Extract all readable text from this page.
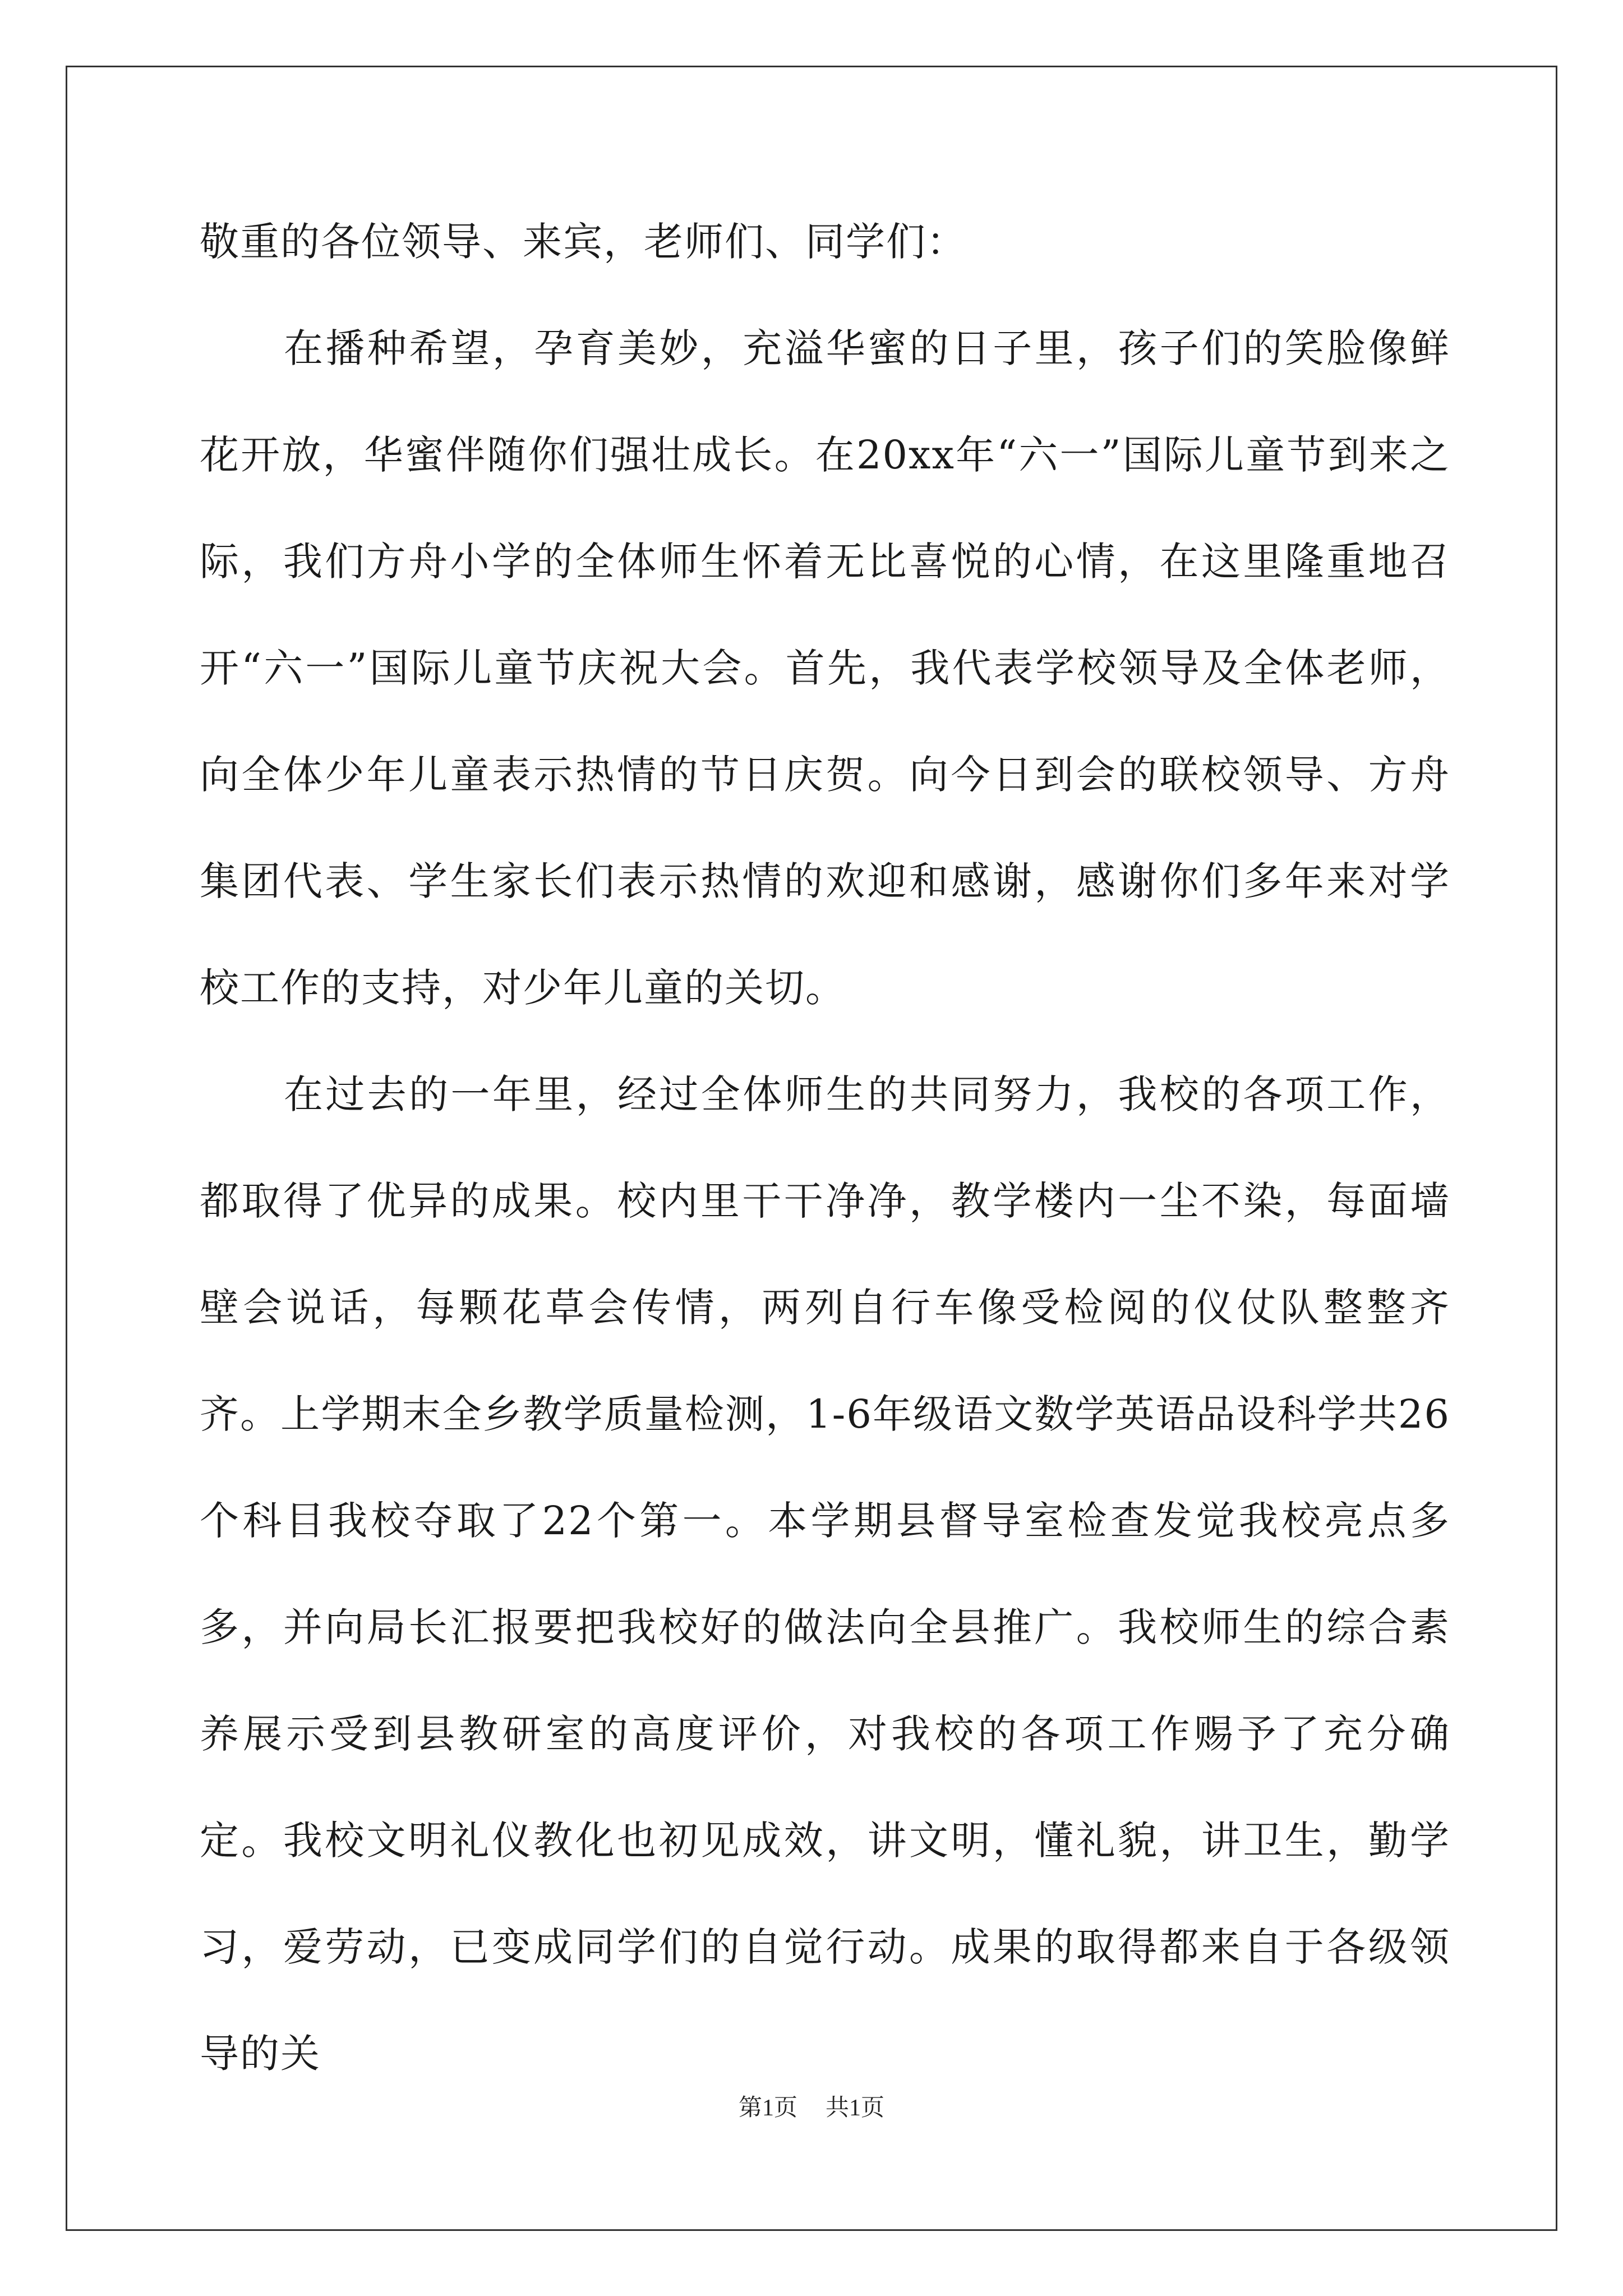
敬重的各位领导、来宾，老师们、同学们：

在播种希望，孕育美妙，充溢华蜜的日子里，孩子们的笑脸像鲜花开放，华蜜伴随你们强壮成长。在20xx年“六一”国际儿童节到来之际，我们方舟小学的全体师生怀着无比喜悦的心情，在这里隆重地召开“六一”国际儿童节庆祝大会。首先，我代表学校领导及全体老师，向全体少年儿童表示热情的节日庆贺。向今日到会的联校领导、方舟集团代表、学生家长们表示热情的欢迎和感谢，感谢你们多年来对学校工作的支持，对少年儿童的关切。

在过去的一年里，经过全体师生的共同努力，我校的各项工作，都取得了优异的成果。校内里干干净净，教学楼内一尘不染，每面墙壁会说话，每颗花草会传情，两列自行车像受检阅的仪仗队整整齐齐。上学期末全乡教学质量检测，1-6年级语文数学英语品设科学共26个科目我校夺取了22个第一。本学期县督导室检查发觉我校亮点多多，并向局长汇报要把我校好的做法向全县推广。我校师生的综合素养展示受到县教研室的高度评价，对我校的各项工作赐予了充分确定。我校文明礼仪教化也初见成效，讲文明，懂礼貌，讲卫生，勤学习，爱劳动，已变成同学们的自觉行动。成果的取得都来自于各级领导的关

第1页 共1页
